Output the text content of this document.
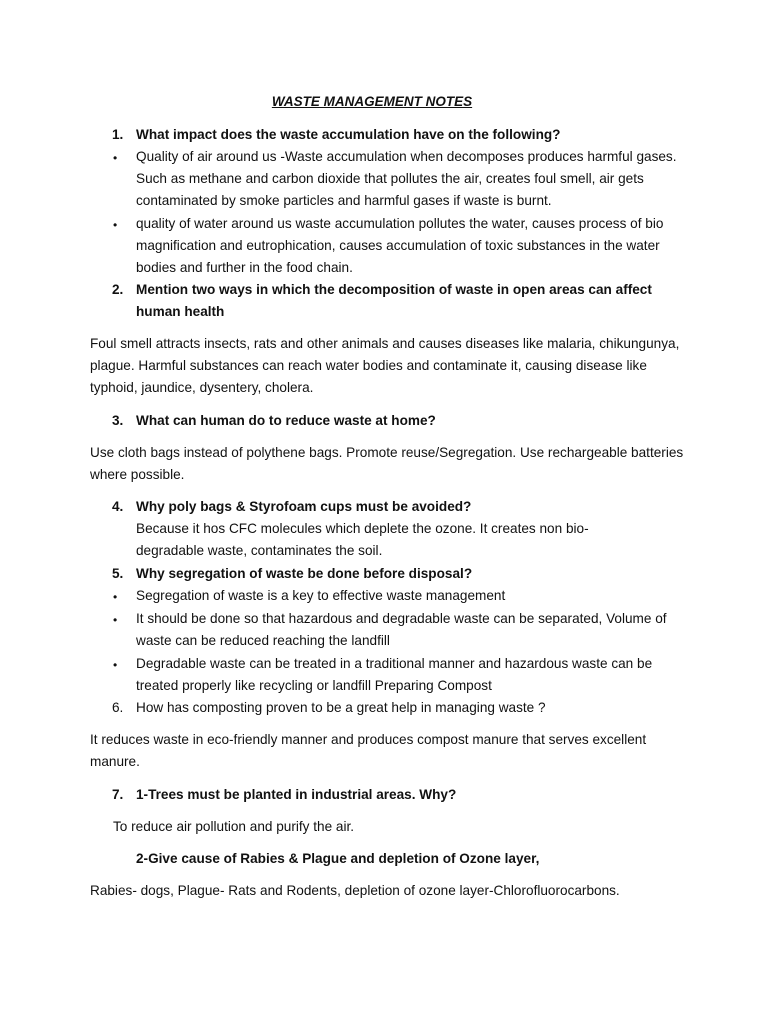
WASTE MANAGEMENT NOTES
1. What impact does the waste accumulation have on the following?
• Quality of air around us -Waste accumulation when decomposes produces harmful gases. Such as methane and carbon dioxide that pollutes the air, creates foul smell, air gets contaminated by smoke particles and harmful gases if waste is burnt.
• quality of water around us waste accumulation pollutes the water, causes process of bio magnification and eutrophication, causes accumulation of toxic substances in the water bodies and further in the food chain.
2. Mention two ways in which the decomposition of waste in open areas can affect human health
Foul smell attracts insects, rats and other animals and causes diseases like malaria, chikungunya, plague. Harmful substances can reach water bodies and contaminate it, causing disease like typhoid, jaundice, dysentery, cholera.
3. What can human do to reduce waste at home?
Use cloth bags instead of polythene bags. Promote reuse/Segregation. Use rechargeable batteries where possible.
4. Why poly bags & Styrofoam cups must be avoided?
Because it hos CFC molecules which deplete the ozone. It creates non bio-degradable waste, contaminates the soil.
5. Why segregation of waste be done before disposal?
• Segregation of waste is a key to effective waste management
• It should be done so that hazardous and degradable waste can be separated, Volume of waste can be reduced reaching the landfill
• Degradable waste can be treated in a traditional manner and hazardous waste can be treated properly like recycling or landfill Preparing Compost
6. How has composting proven to be a great help in managing waste ?
It reduces waste in eco-friendly manner and produces compost manure that serves excellent manure.
7. 1-Trees must be planted in industrial areas. Why?
To reduce air pollution and purify the air.
2-Give cause of Rabies & Plague and depletion of Ozone layer,
Rabies- dogs, Plague- Rats and Rodents, depletion of ozone layer-Chlorofluorocarbons.
